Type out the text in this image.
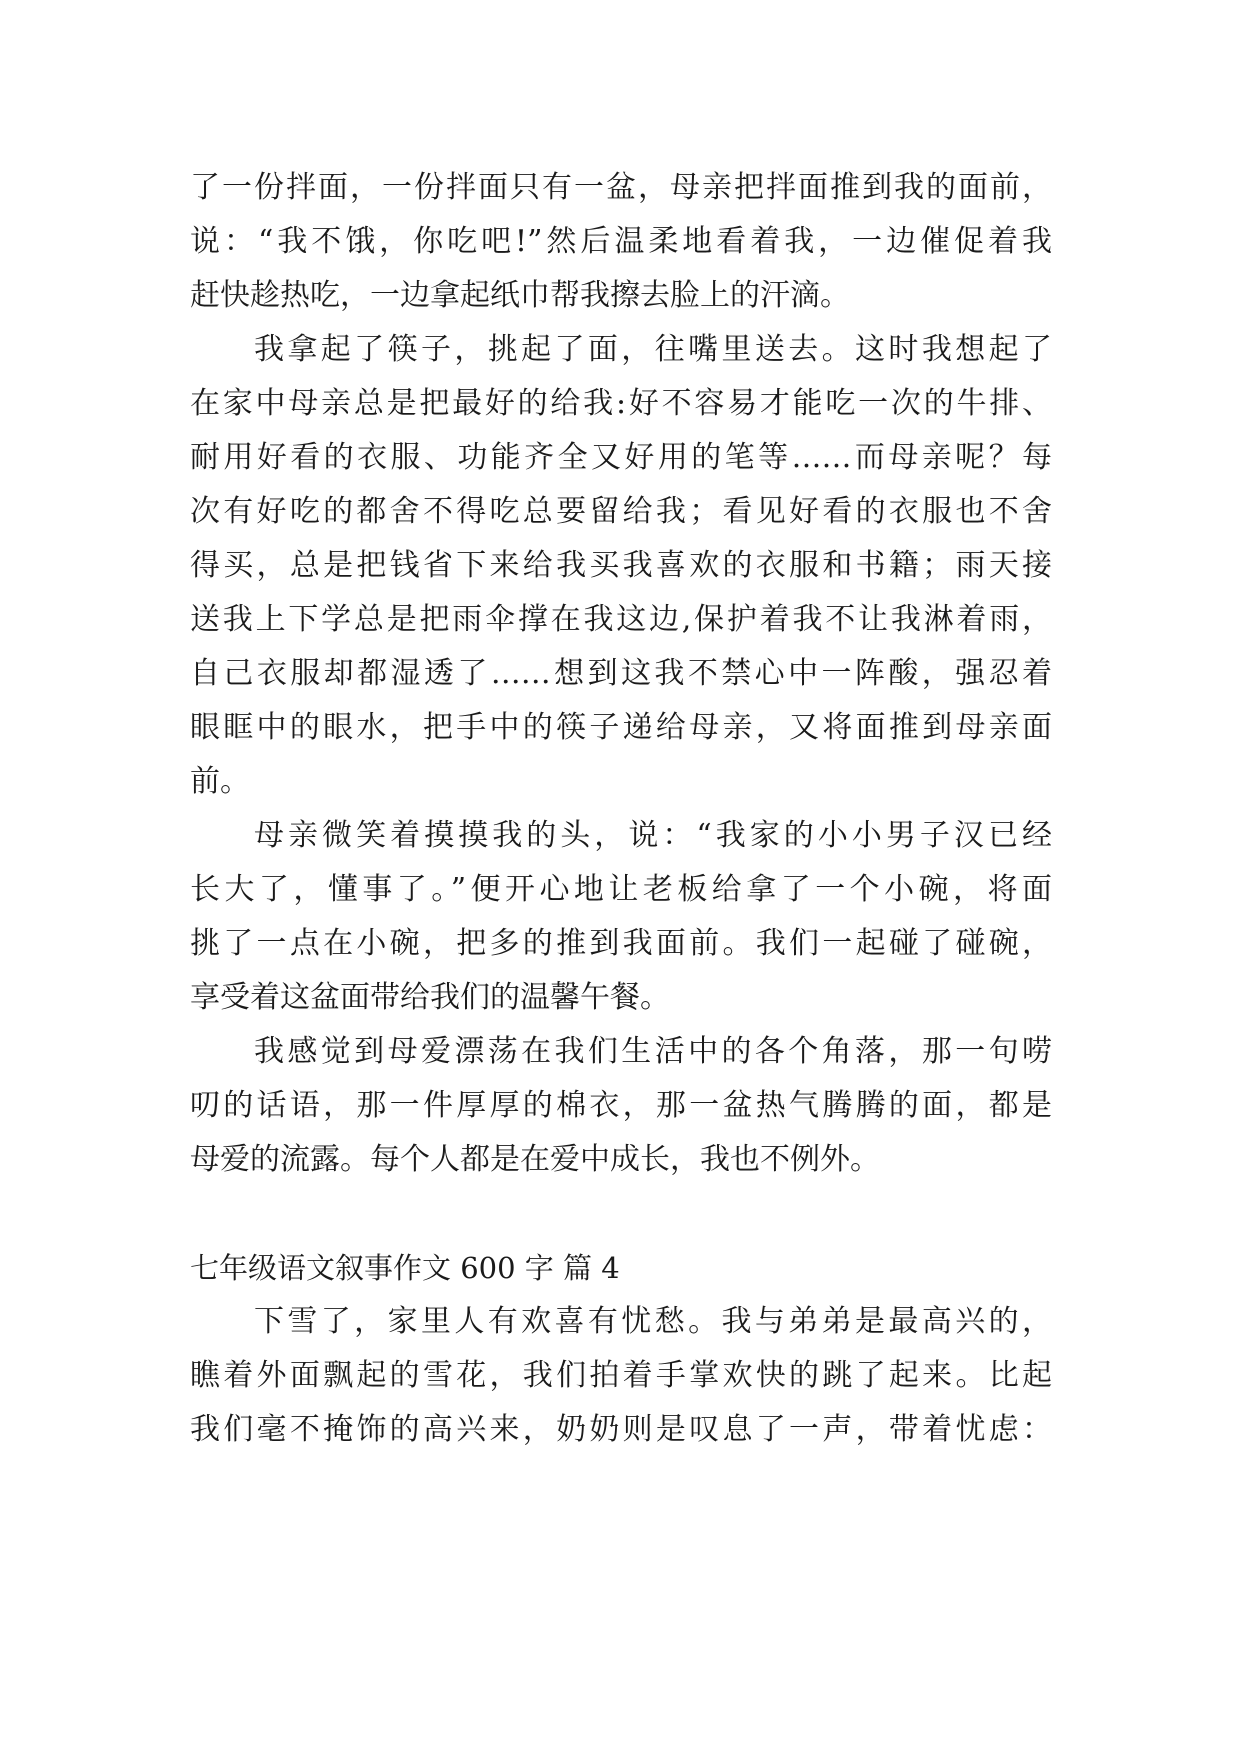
了一份拌面，一份拌面只有一盆，母亲把拌面推到我的面前，
说：“我不饿，你吃吧!”然后温柔地看着我，一边催促着我
赶快趁热吃，一边拿起纸巾帮我擦去脸上的汗滴。
我拿起了筷子，挑起了面，往嘴里送去。这时我想起了
在家中母亲总是把最好的给我:好不容易才能吃一次的牛排、
耐用好看的衣服、功能齐全又好用的笔等……而母亲呢？每
次有好吃的都舍不得吃总要留给我；看见好看的衣服也不舍
得买，总是把钱省下来给我买我喜欢的衣服和书籍；雨天接
送我上下学总是把雨伞撑在我这边,保护着我不让我淋着雨，
自己衣服却都湿透了……想到这我不禁心中一阵酸，强忍着
眼眶中的眼水，把手中的筷子递给母亲，又将面推到母亲面
前。
母亲微笑着摸摸我的头，说：“我家的小小男子汉已经
长大了，懂事了。”便开心地让老板给拿了一个小碗，将面
挑了一点在小碗，把多的推到我面前。我们一起碰了碰碗，
享受着这盆面带给我们的温馨午餐。
我感觉到母爱漂荡在我们生活中的各个角落，那一句唠
叨的话语，那一件厚厚的棉衣，那一盆热气腾腾的面，都是
母爱的流露。每个人都是在爱中成长，我也不例外。
七年级语文叙事作文 600 字 篇 4
下雪了，家里人有欢喜有忧愁。我与弟弟是最高兴的，
瞧着外面飘起的雪花，我们拍着手掌欢快的跳了起来。比起
我们毫不掩饰的高兴来，奶奶则是叹息了一声，带着忧虑：
